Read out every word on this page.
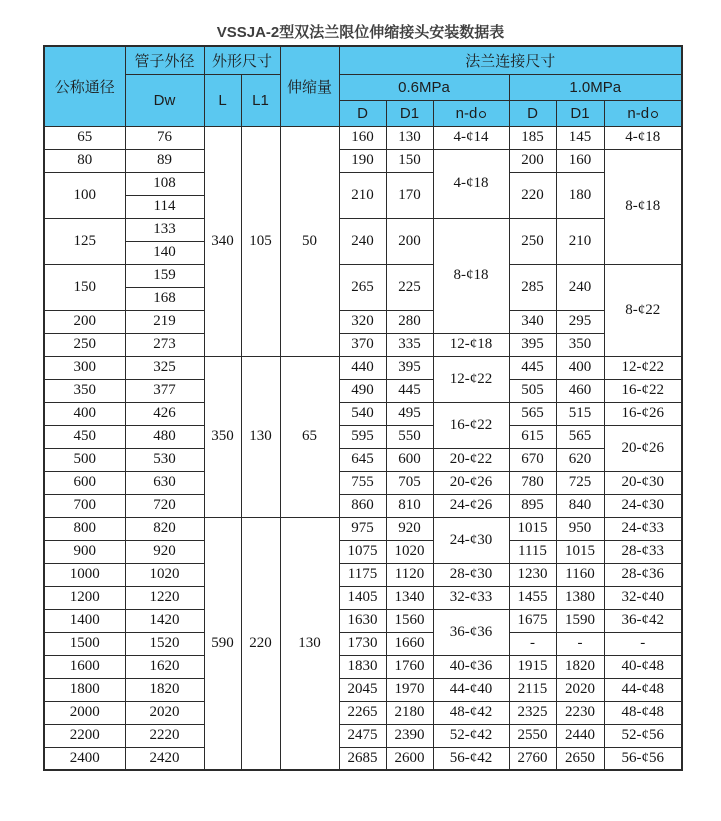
VSSJA-2型双法兰限位伸缩接头安装数据表
公称通径	管子外径	外形尺寸		伸缩量	法兰连接尺寸					
	Dw	L	L1		0.6MPa			1.0MPa		
					D	D1	n-d	D	D1	n-d
65	76	340	105	50	160	130	4-¢14	185	145	4-¢18
80	89				190	150	4-¢18	200	160	8-¢18
100	108				210	170		220	180	
	114									
125	133				240	200	8-¢18	250	210	
	140									
150	159				265	225		285	240	8-¢22
	168									
200	219				320	280		340	295	
250	273				370	335	12-¢18	395	350	
300	325	350	130	65	440	395	12-¢22	445	400	12-¢22
350	377				490	445		505	460	16-¢22
400	426				540	495	16-¢22	565	515	16-¢26
450	480				595	550		615	565	20-¢26
500	530				645	600	20-¢22	670	620	
600	630				755	705	20-¢26	780	725	20-¢30
700	720				860	810	24-¢26	895	840	24-¢30
800	820	590	220	130	975	920	24-¢30	1015	950	24-¢33
900	920				1075	1020		1115	1015	28-¢33
1000	1020				1175	1120	28-¢30	1230	1160	28-¢36
1200	1220				1405	1340	32-¢33	1455	1380	32-¢40
1400	1420				1630	1560	36-¢36	1675	1590	36-¢42
1500	1520				1730	1660		-	-	-
1600	1620				1830	1760	40-¢36	1915	1820	40-¢48
1800	1820				2045	1970	44-¢40	2115	2020	44-¢48
2000	2020				2265	2180	48-¢42	2325	2230	48-¢48
2200	2220				2475	2390	52-¢42	2550	2440	52-¢56
2400	2420				2685	2600	56-¢42	2760	2650	56-¢56
